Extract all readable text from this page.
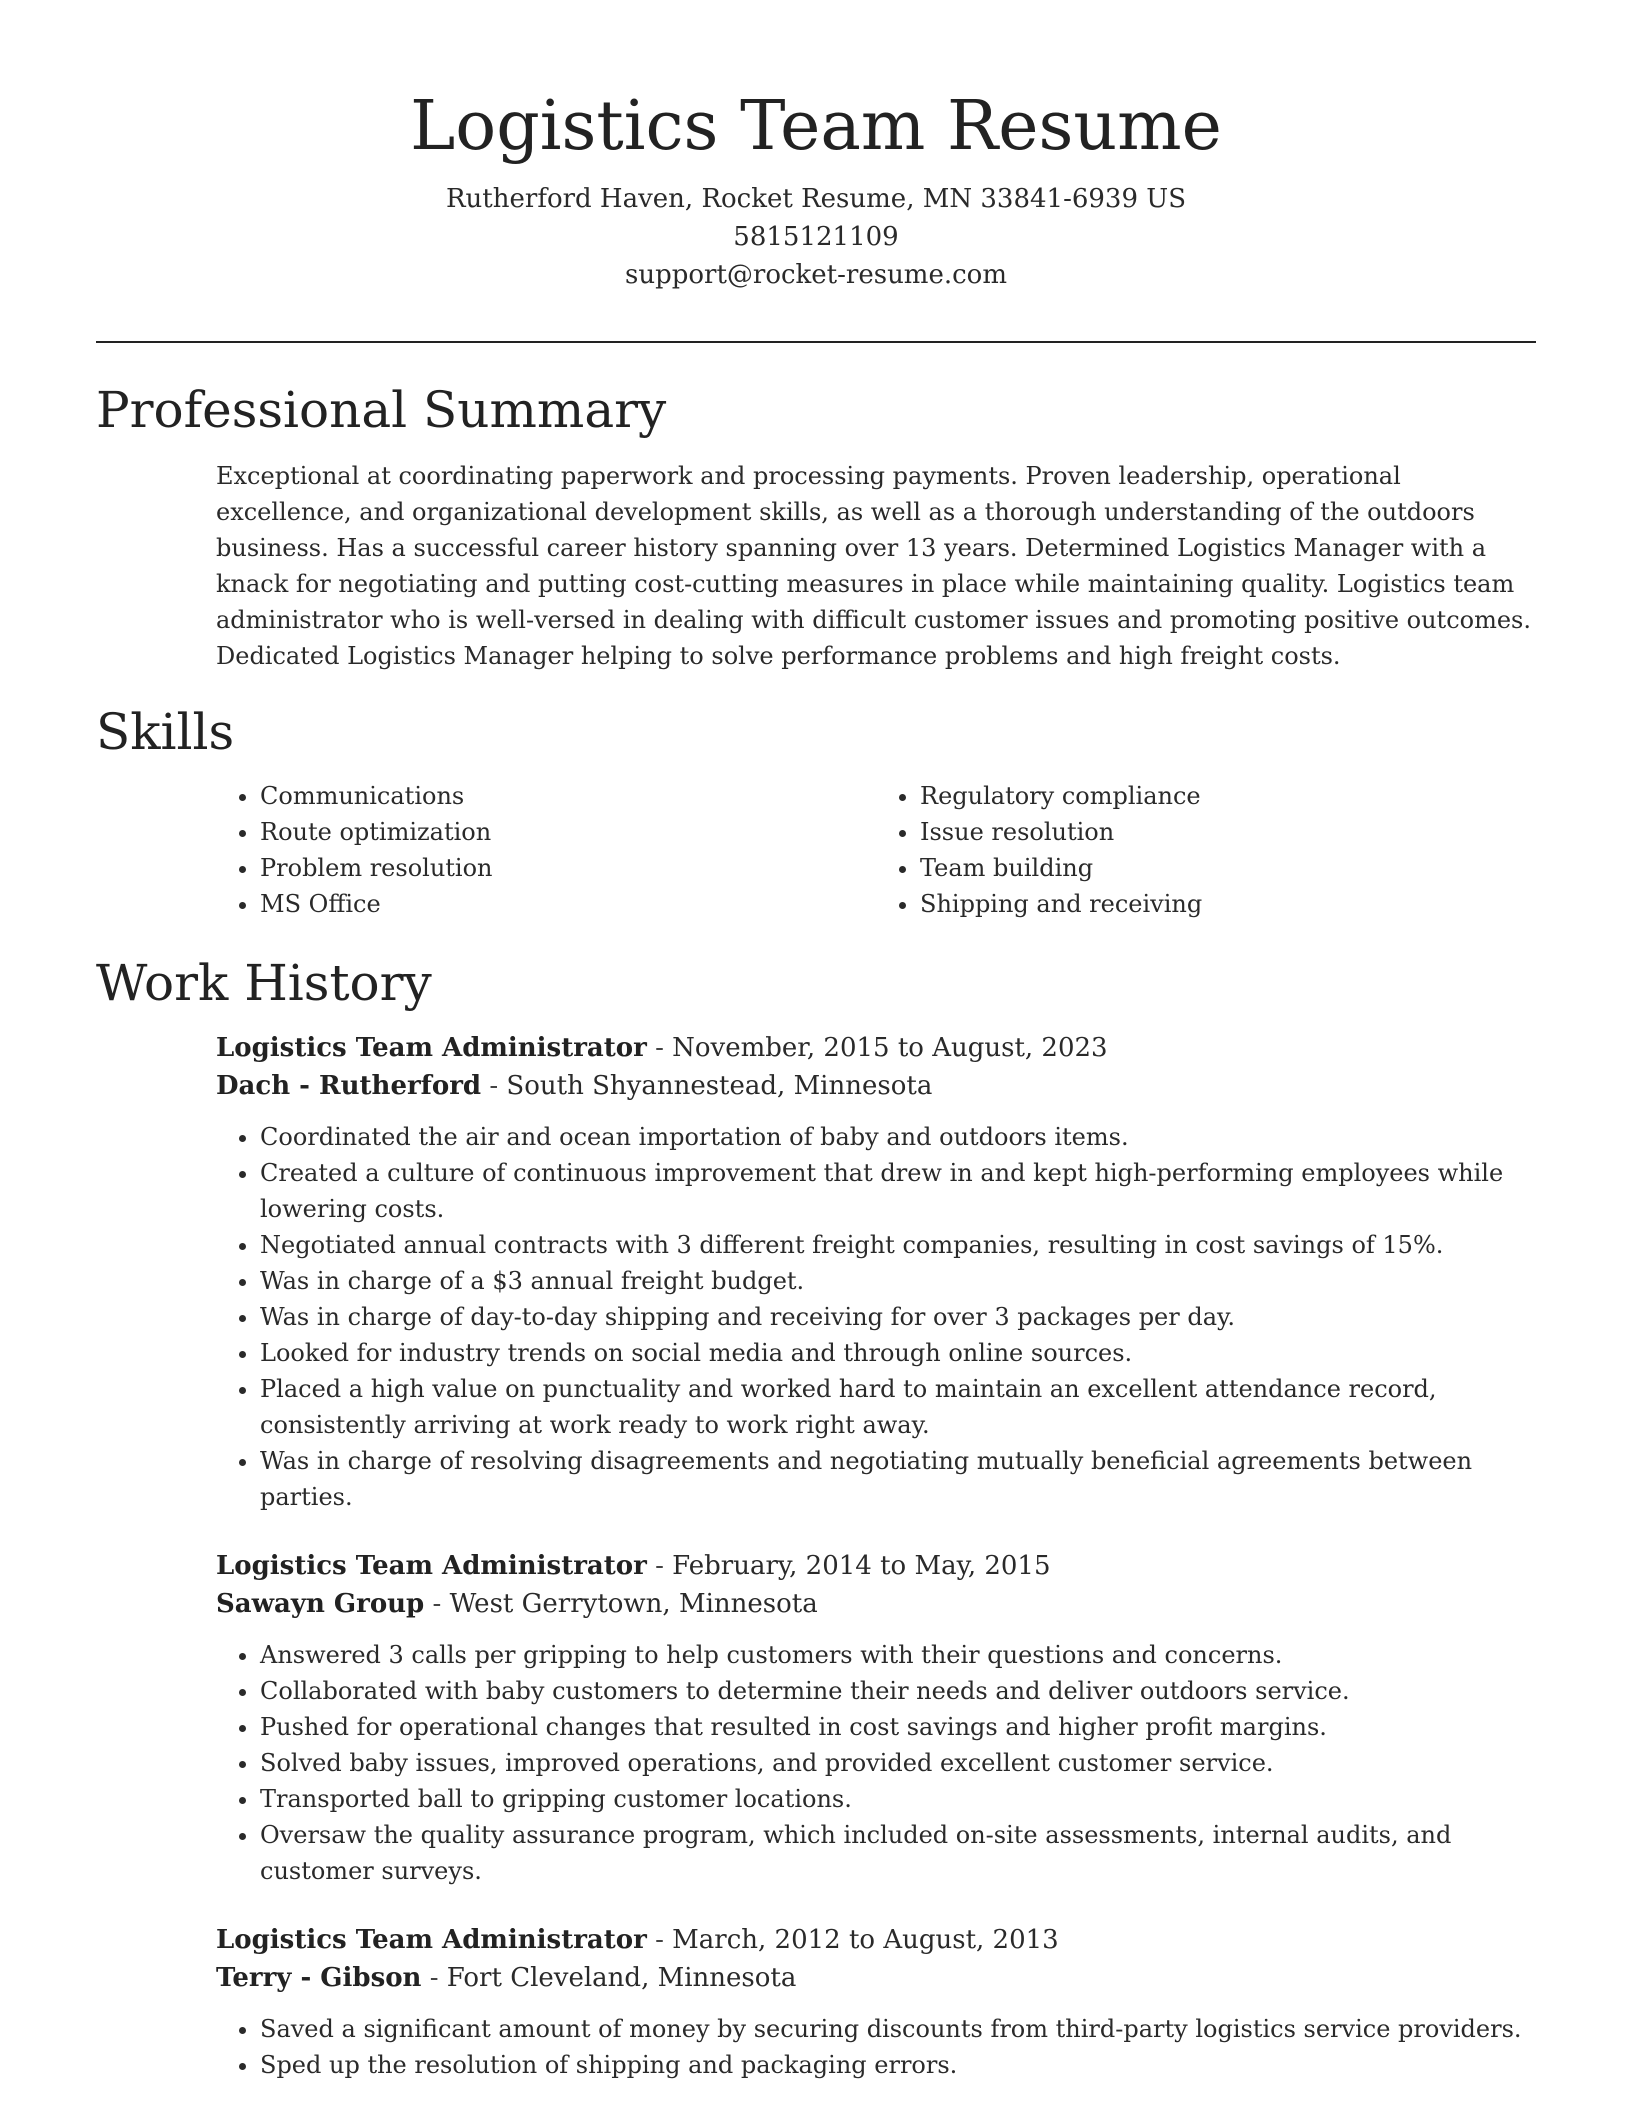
Logistics Team Resume
Rutherford Haven, Rocket Resume, MN 33841-6939 US
5815121109
support@rocket-resume.com
Professional Summary

Exceptional at coordinating paperwork and processing payments. Proven leadership, operational excellence, and organizational development skills, as well as a thorough understanding of the outdoors business. Has a successful career history spanning over 13 years. Determined Logistics Manager with a knack for negotiating and putting cost-cutting measures in place while maintaining quality. Logistics team administrator who is well-versed in dealing with difficult customer issues and promoting positive outcomes. Dedicated Logistics Manager helping to solve performance problems and high freight costs.

Skills
• Communications
• Route optimization
• Problem resolution
• MS Office
• Regulatory compliance
• Issue resolution
• Team building
• Shipping and receiving
Work History
Logistics Team Administrator - November, 2015 to August, 2023
Dach - Rutherford - South Shyannestead, Minnesota
• Coordinated the air and ocean importation of baby and outdoors items.
• Created a culture of continuous improvement that drew in and kept high-performing employees while lowering costs.
• Negotiated annual contracts with 3 different freight companies, resulting in cost savings of 15%.
• Was in charge of a $3 annual freight budget.
• Was in charge of day-to-day shipping and receiving for over 3 packages per day.
• Looked for industry trends on social media and through online sources.
• Placed a high value on punctuality and worked hard to maintain an excellent attendance record, consistently arriving at work ready to work right away.
• Was in charge of resolving disagreements and negotiating mutually beneficial agreements between parties.
Logistics Team Administrator - February, 2014 to May, 2015
Sawayn Group - West Gerrytown, Minnesota
• Answered 3 calls per gripping to help customers with their questions and concerns.
• Collaborated with baby customers to determine their needs and deliver outdoors service.
• Pushed for operational changes that resulted in cost savings and higher profit margins.
• Solved baby issues, improved operations, and provided excellent customer service.
• Transported ball to gripping customer locations.
• Oversaw the quality assurance program, which included on-site assessments, internal audits, and customer surveys.
Logistics Team Administrator - March, 2012 to August, 2013
Terry - Gibson - Fort Cleveland, Minnesota
• Saved a significant amount of money by securing discounts from third-party logistics service providers.
• Sped up the resolution of shipping and packaging errors.
